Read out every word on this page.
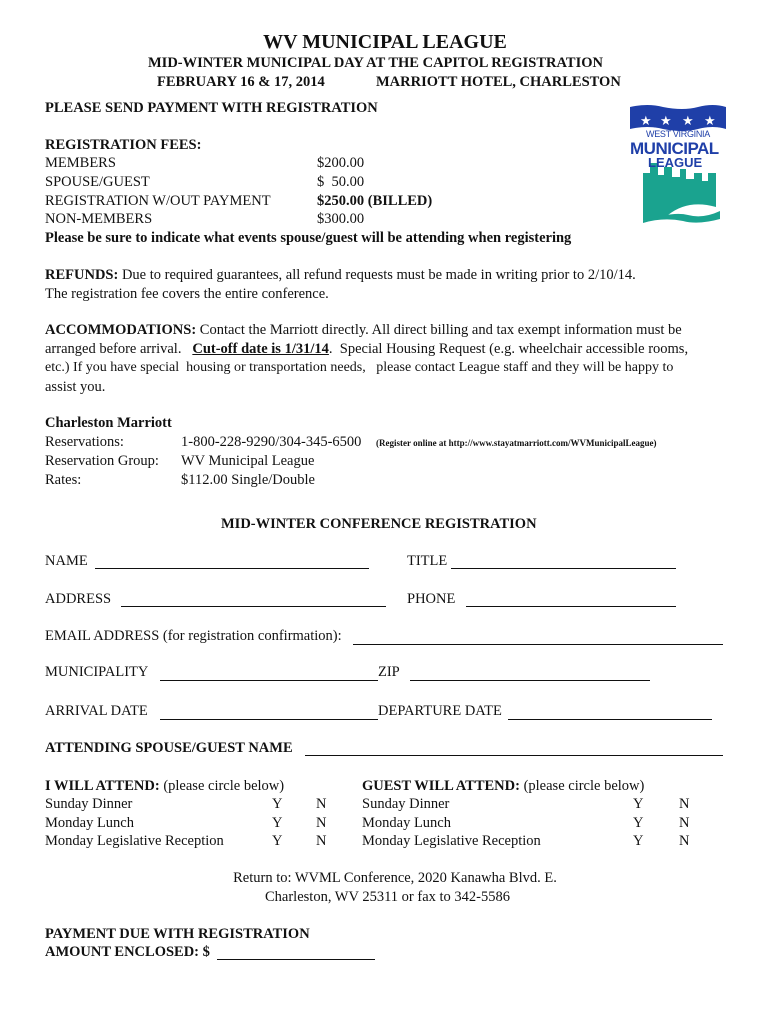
WV MUNICIPAL LEAGUE
MID-WINTER MUNICIPAL DAY AT THE CAPITOL REGISTRATION
FEBRUARY 16 & 17, 2014	MARRIOTT HOTEL, CHARLESTON
PLEASE SEND PAYMENT WITH REGISTRATION
★ ★ ★ ★
WEST VIRGINIA
MUNICIPAL
LEAGUE
REGISTRATION FEES:
MEMBERS	$200.00
SPOUSE/GUEST	$  50.00
REGISTRATION W/OUT PAYMENT	$250.00 (BILLED)
NON-MEMBERS	$300.00
Please be sure to indicate what events spouse/guest will be attending when registering
REFUNDS: Due to required guarantees, all refund requests must be made in writing prior to 2/10/14.
The registration fee covers the entire conference.
ACCOMMODATIONS: Contact the Marriott directly. All direct billing and tax exempt information must be
arranged before arrival. Cut-off date is 1/31/14.  Special Housing Request (e.g. wheelchair accessible rooms,
etc.) If you have special  housing or transportation needs,   please contact League staff and they will be happy to
assist you.
Charleston Marriott
Reservations:	1-800-228-9290/304-345-6500 (Register online at http://www.stayatmarriott.com/WVMunicipalLeague)
Reservation Group: WV Municipal League
Rates:	$112.00 Single/Double
MID-WINTER CONFERENCE REGISTRATION
NAME	TITLE
ADDRESS	PHONE
EMAIL ADDRESS (for registration confirmation):
MUNICIPALITY	ZIP
ARRIVAL DATE	DEPARTURE DATE
ATTENDING SPOUSE/GUEST NAME
I WILL ATTEND: (please circle below)
Sunday Dinner	Y N
Monday Lunch	Y N
Monday Legislative Reception	Y N
GUEST WILL ATTEND: (please circle below)
Sunday Dinner	Y N
Monday Lunch	Y N
Monday Legislative Reception	Y N
Return to: WVML Conference, 2020 Kanawha Blvd. E.
Charleston, WV 25311 or fax to 342-5586
PAYMENT DUE WITH REGISTRATION
AMOUNT ENCLOSED: $
